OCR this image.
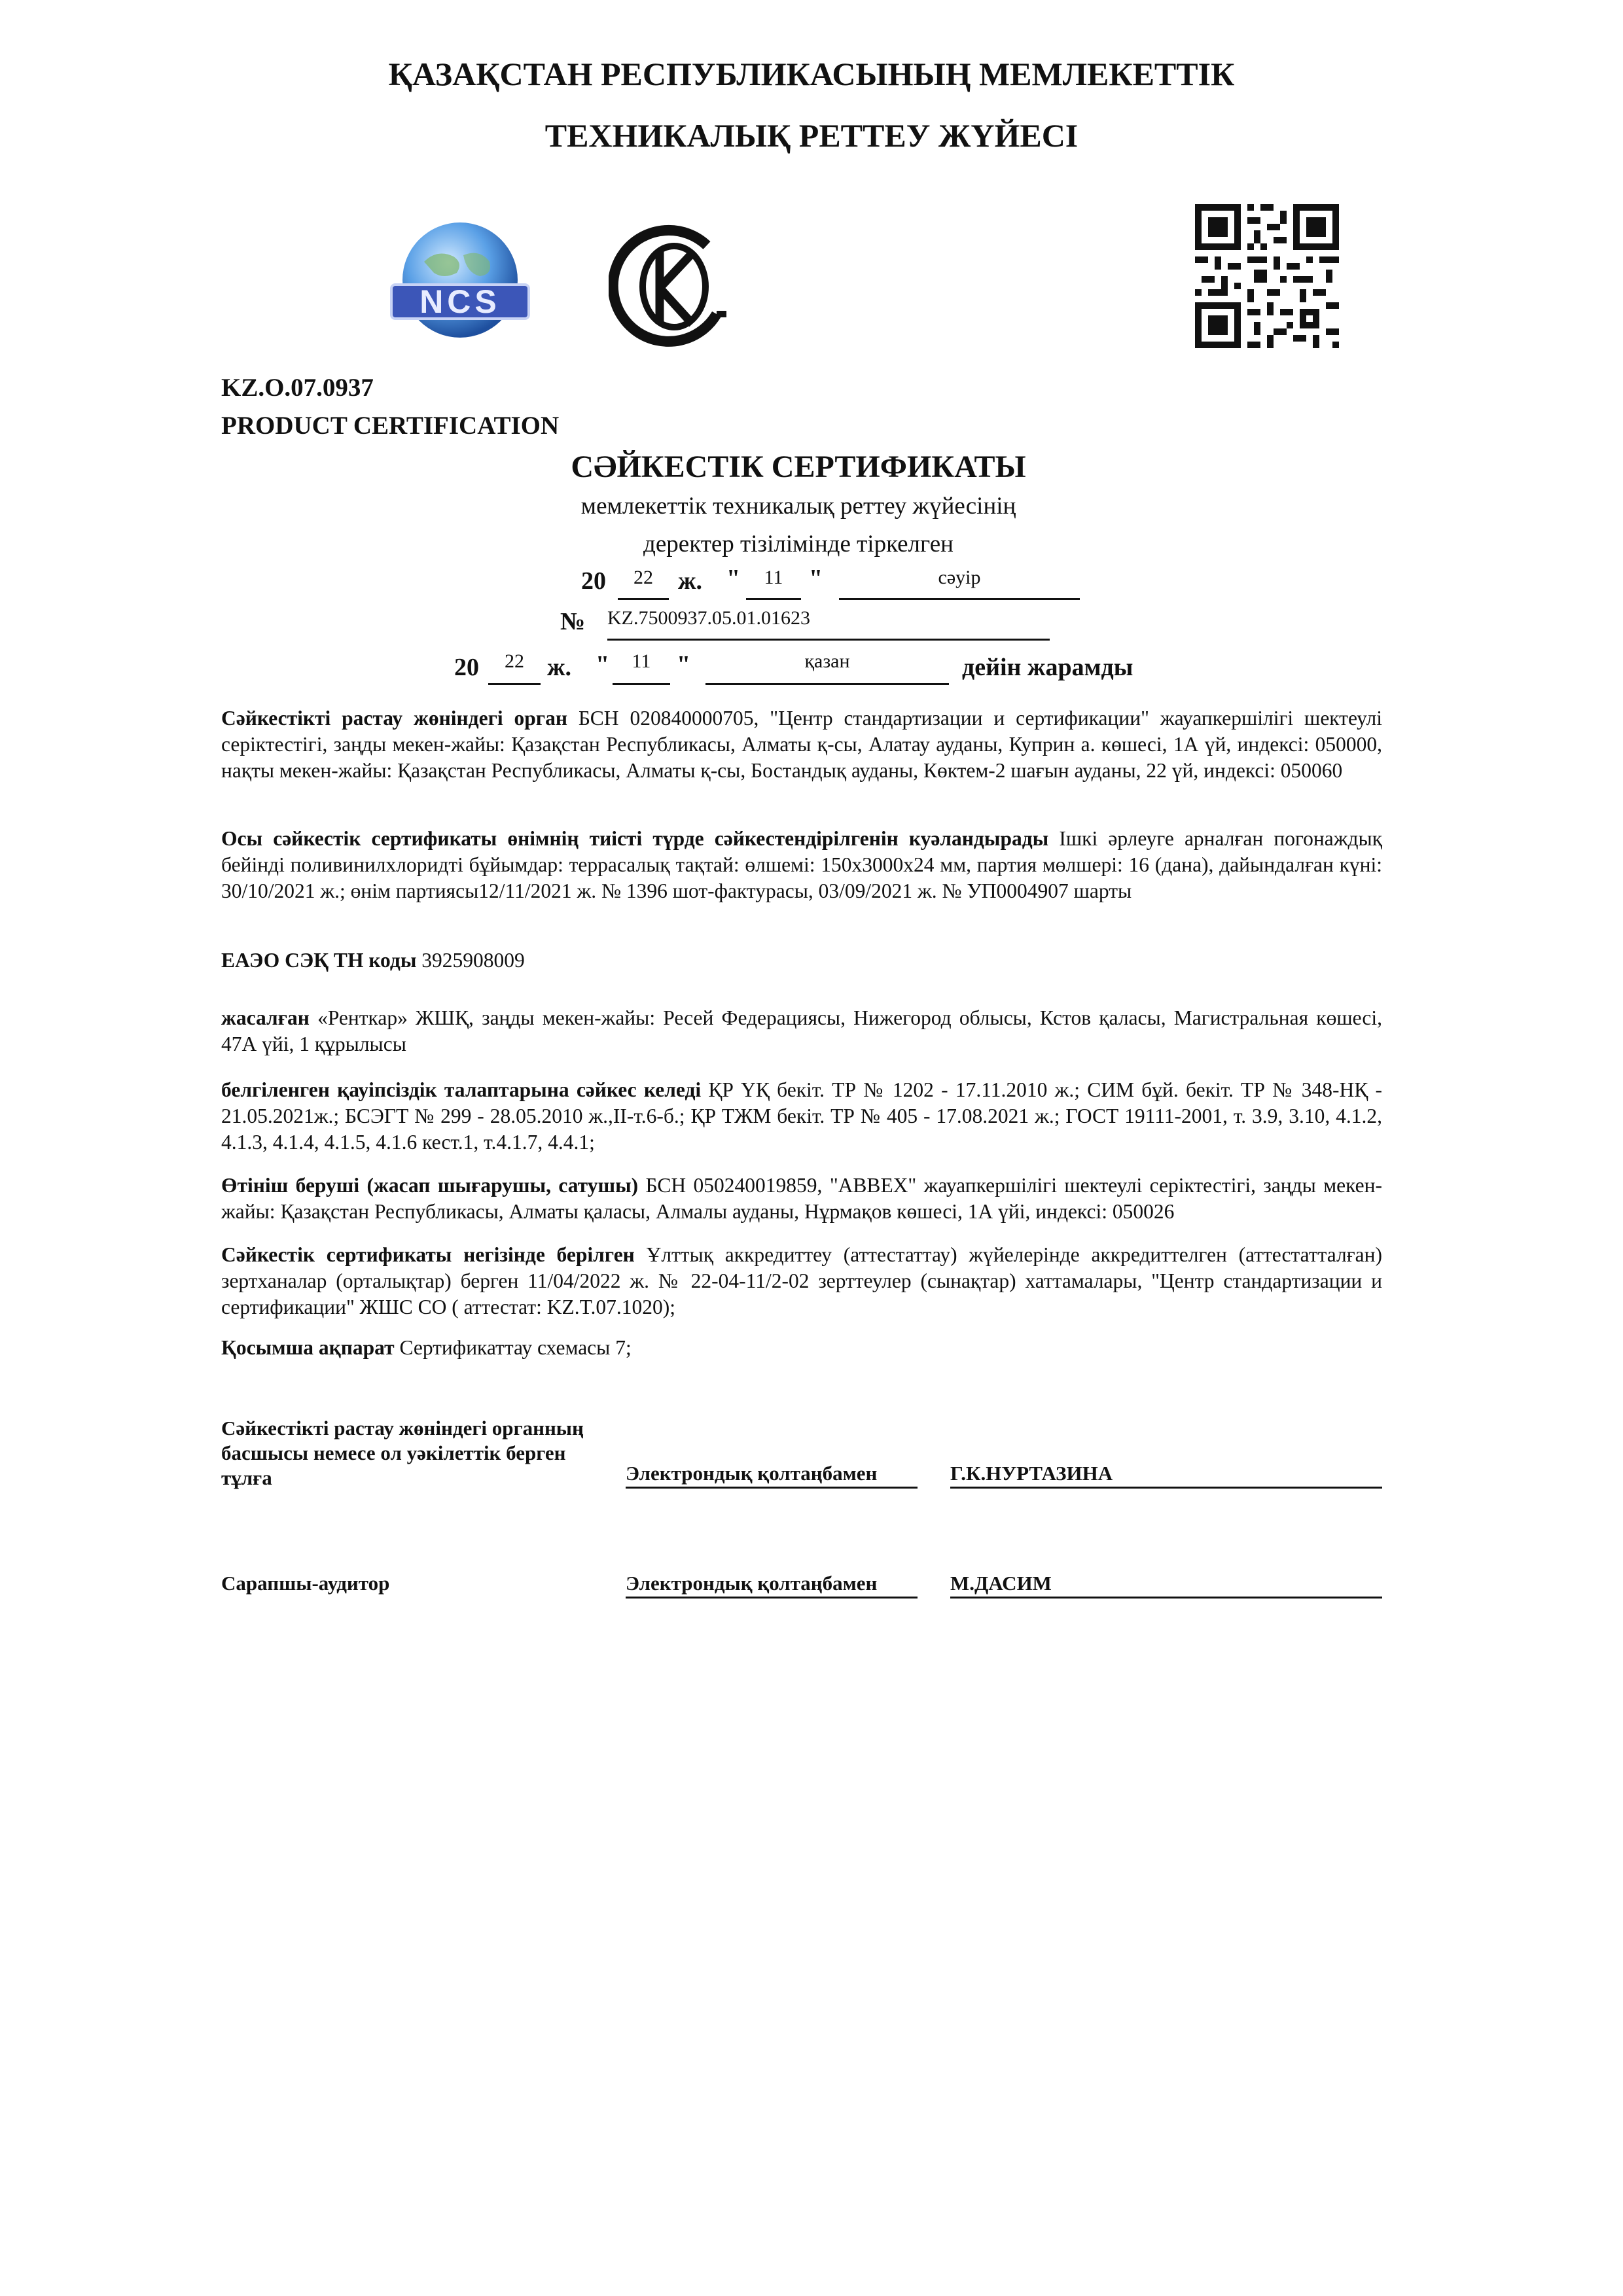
ҚАЗАҚСТАН РЕСПУБЛИКАСЫНЫҢ МЕМЛЕКЕТТІК
ТЕХНИКАЛЫҚ РЕТТЕУ ЖҮЙЕСІ
NCS
KZ.O.07.0937
PRODUCT CERTIFICATION
СӘЙКЕСТІК СЕРТИФИКАТЫ
мемлекеттік техникалық реттеу жүйесінің
деректер тізілімінде тіркелген
20	22	ж. "	11	"	сәуір
№ KZ.7500937.05.01.01623
20	22 ж. "	11	"	қазан	дейін жарамды
Сәйкестікті растау жөніндегі орган БСН 020840000705, "Центр стандартизации и сертификации" жауапкершілігі шектеулі серіктестігі, заңды мекен-жайы: Қазақстан Республикасы, Алматы қ-сы, Алатау ауданы, Куприн а. көшесі, 1А үй, индексі: 050000, нақты мекен-жайы: Қазақстан Республикасы, Алматы қ-сы, Бостандық ауданы, Көктем-2 шағын ауданы, 22 үй, индексі: 050060
Осы сәйкестік сертификаты өнімнің тиісті түрде сәйкестендірілгенін куәландырады Ішкі әрлеуге арналған погонаждық бейінді поливинилхлоридті бұйымдар: террасалық тақтай: өлшемі: 150х3000х24 мм, партия мөлшері: 16 (дана), дайындалған күні: 30/10/2021 ж.; өнім партиясы12/11/2021 ж. № 1396 шот-фактурасы, 03/09/2021 ж. № УП0004907 шарты
ЕАЭО СЭҚ ТН коды 3925908009
жасалған «Ренткар» ЖШҚ, заңды мекен-жайы: Ресей Федерациясы, Нижегород облысы, Кстов қаласы, Магистральная көшесі, 47А үйі, 1 құрылысы
белгіленген қауіпсіздік талаптарына сәйкес келеді ҚР ҮҚ бекіт. ТР № 1202 - 17.11.2010 ж.; СИМ бұй. бекіт. ТР № 348-НҚ - 21.05.2021ж.; БСЭГТ № 299 - 28.05.2010 ж.,II-т.6-б.; ҚР ТЖМ бекіт. ТР № 405 - 17.08.2021 ж.; ГОСТ 19111-2001, т. 3.9, 3.10, 4.1.2, 4.1.3, 4.1.4, 4.1.5, 4.1.6 кест.1, т.4.1.7, 4.4.1;
Өтініш беруші (жасап шығарушы, сатушы) БСН 050240019859, "ABBEX" жауапкершілігі шектеулі серіктестігі, заңды мекен-жайы: Қазақстан Республикасы, Алматы қаласы, Алмалы ауданы, Нұрмақов көшесі, 1А үйі, индексі: 050026
Сәйкестік сертификаты негізінде берілген Ұлттық аккредиттеу (аттестаттау) жүйелерінде аккредиттелген (аттестатталған) зертханалар (орталықтар) берген 11/04/2022 ж. № 22-04-11/2-02 зерттеулер (сынақтар) хаттамалары, "Центр стандартизации и сертификации" ЖШС СО ( аттестат: KZ.T.07.1020);
Қосымша ақпарат Сертификаттау схемасы 7;
Сәйкестікті растау жөніндегі органның
басшысы немесе ол уәкілеттік берген
тұлға	Электрондық қолтаңбамен	Г.К.НУРТАЗИНА
Сарапшы-аудитор	Электрондық қолтаңбамен	М.ДАСИМ
